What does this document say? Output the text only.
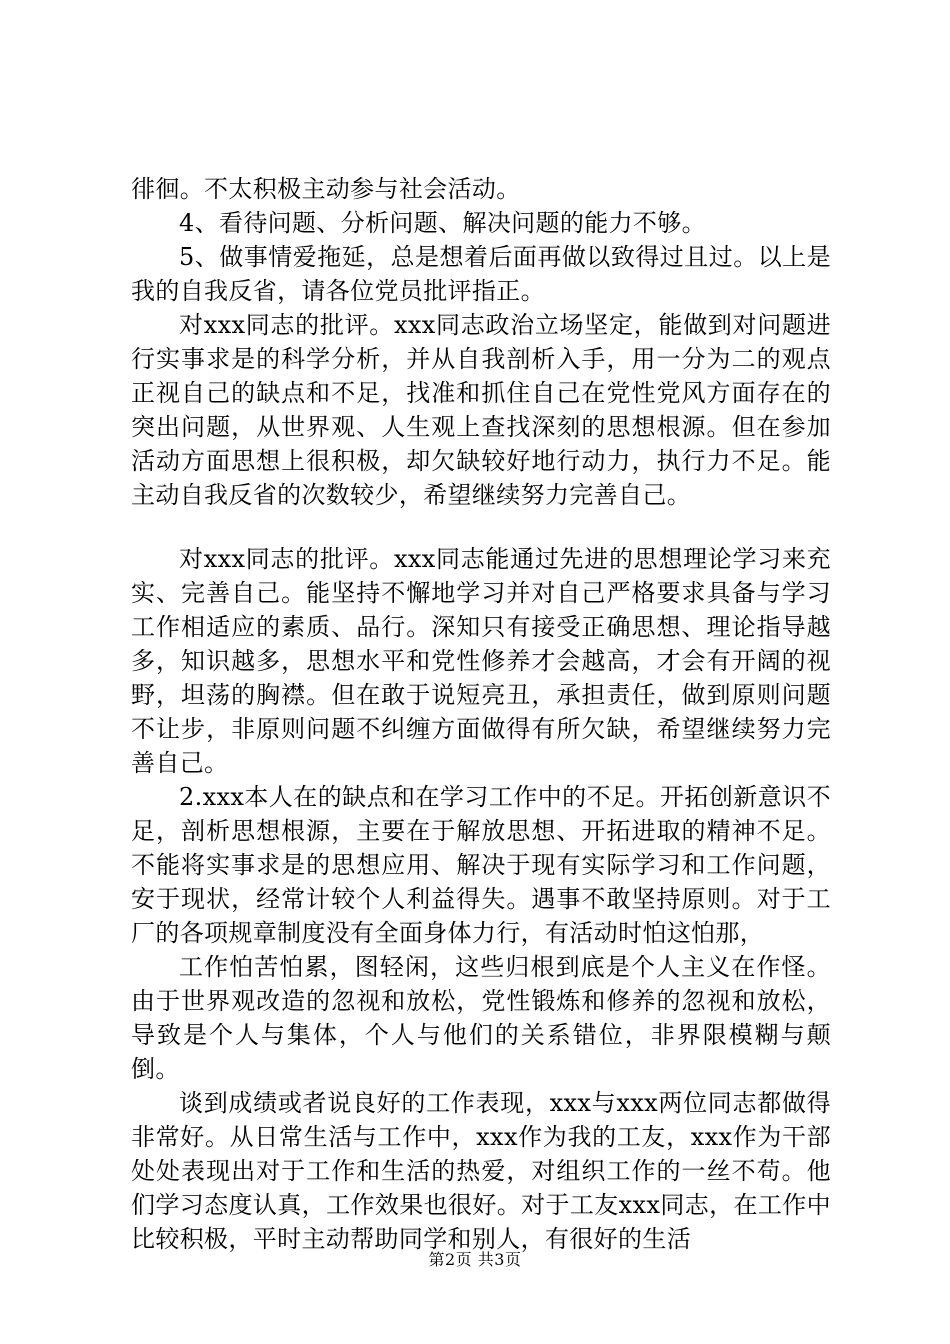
徘徊。不太积极主动参与社会活动。

4、看待问题、分析问题、解决问题的能力不够。

5、做事情爱拖延，总是想着后面再做以致得过且过。以上是我的自我反省，请各位党员批评指正。

对xxx同志的批评。xxx同志政治立场坚定，能做到对问题进行实事求是的科学分析，并从自我剖析入手，用一分为二的观点正视自己的缺点和不足，找准和抓住自己在党性党风方面存在的突出问题，从世界观、人生观上查找深刻的思想根源。但在参加活动方面思想上很积极，却欠缺较好地行动力，执行力不足。能主动自我反省的次数较少，希望继续努力完善自己。

对xxx同志的批评。xxx同志能通过先进的思想理论学习来充实、完善自己。能坚持不懈地学习并对自己严格要求具备与学习工作相适应的素质、品行。深知只有接受正确思想、理论指导越多，知识越多，思想水平和党性修养才会越高，才会有开阔的视野，坦荡的胸襟。但在敢于说短亮丑，承担责任，做到原则问题不让步，非原则问题不纠缠方面做得有所欠缺，希望继续努力完善自己。

2.xxx本人在的缺点和在学习工作中的不足。开拓创新意识不足，剖析思想根源，主要在于解放思想、开拓进取的精神不足。不能将实事求是的思想应用、解决于现有实际学习和工作问题，安于现状，经常计较个人利益得失。遇事不敢坚持原则。对于工厂的各项规章制度没有全面身体力行，有活动时怕这怕那，

工作怕苦怕累，图轻闲，这些归根到底是个人主义在作怪。由于世界观改造的忽视和放松，党性锻炼和修养的忽视和放松，导致是个人与集体，个人与他们的关系错位，非界限模糊与颠倒。

谈到成绩或者说良好的工作表现，xxx与xxx两位同志都做得非常好。从日常生活与工作中，xxx作为我的工友，xxx作为干部处处表现出对于工作和生活的热爱，对组织工作的一丝不苟。他们学习态度认真，工作效果也很好。对于工友xxx同志，在工作中比较积极，平时主动帮助同学和别人，有很好的生活

第2页 共3页
